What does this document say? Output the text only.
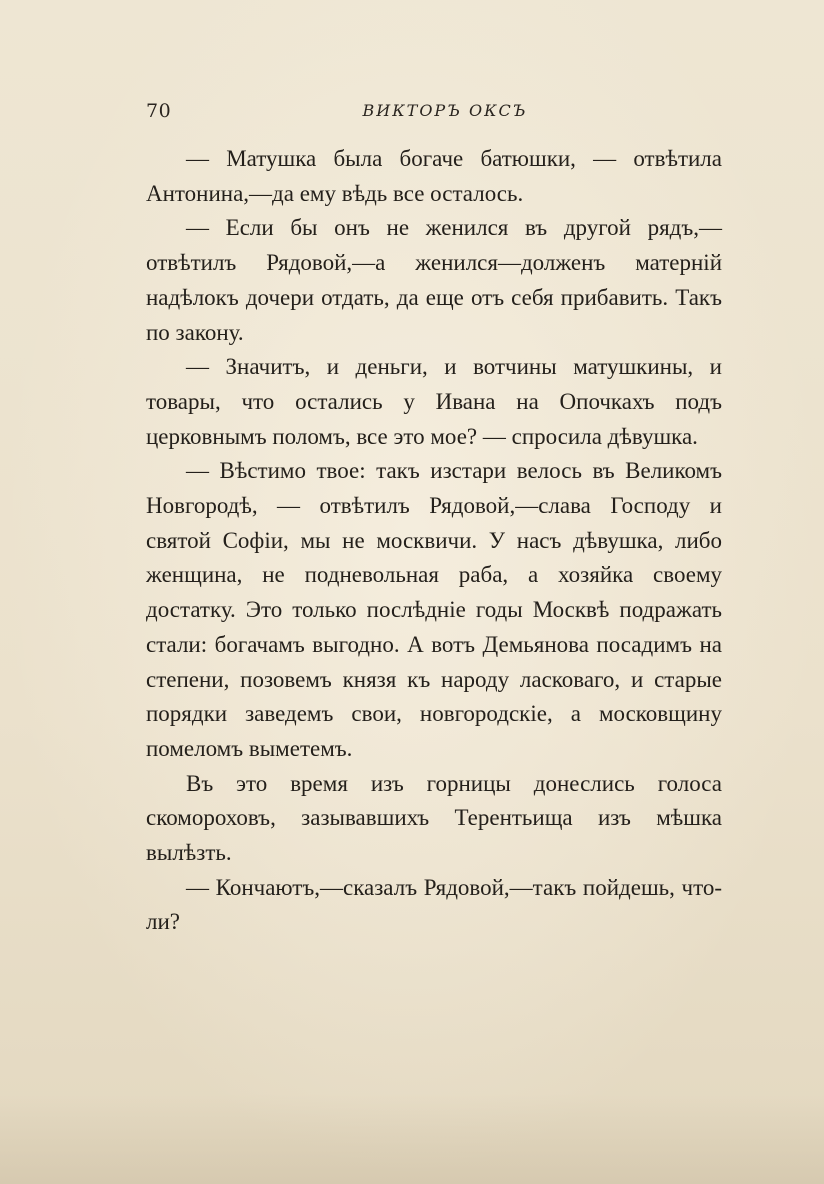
70	ВИКТОРЪ ОКСЪ

— Матушка была богаче батюшки, — отвѣтила Антонина,—да ему вѣдь все осталось.

— Если бы онъ не женился въ другой рядъ,— отвѣтилъ Рядовой,—а женился—долженъ матерній надѣлокъ дочери отдать, да еще отъ себя прибавить. Такъ по закону.

— Значитъ, и деньги, и вотчины матушкины, и товары, что остались у Ивана на Опочкахъ подъ церковнымъ поломъ, все это мое? — спросила дѣвушка.

— Вѣстимо твое: такъ изстари велось въ Великомъ Новгородѣ, — отвѣтилъ Рядовой,—слава Господу и святой Софіи, мы не москвичи. У насъ дѣвушка, либо женщина, не подневольная раба, а хозяйка своему достатку. Это только послѣдніе годы Москвѣ подражать стали: богачамъ выгодно. А вотъ Демьянова посадимъ на степени, позовемъ князя къ народу ласковаго, и старые порядки заведемъ свои, новгородскіе, а московщину помеломъ выметемъ.

Въ это время изъ горницы донеслись голоса скомороховъ, зазывавшихъ Терентьища изъ мѣшка вылѣзть.

— Кончаютъ,—сказалъ Рядовой,—такъ пойдешь, что-ли?
